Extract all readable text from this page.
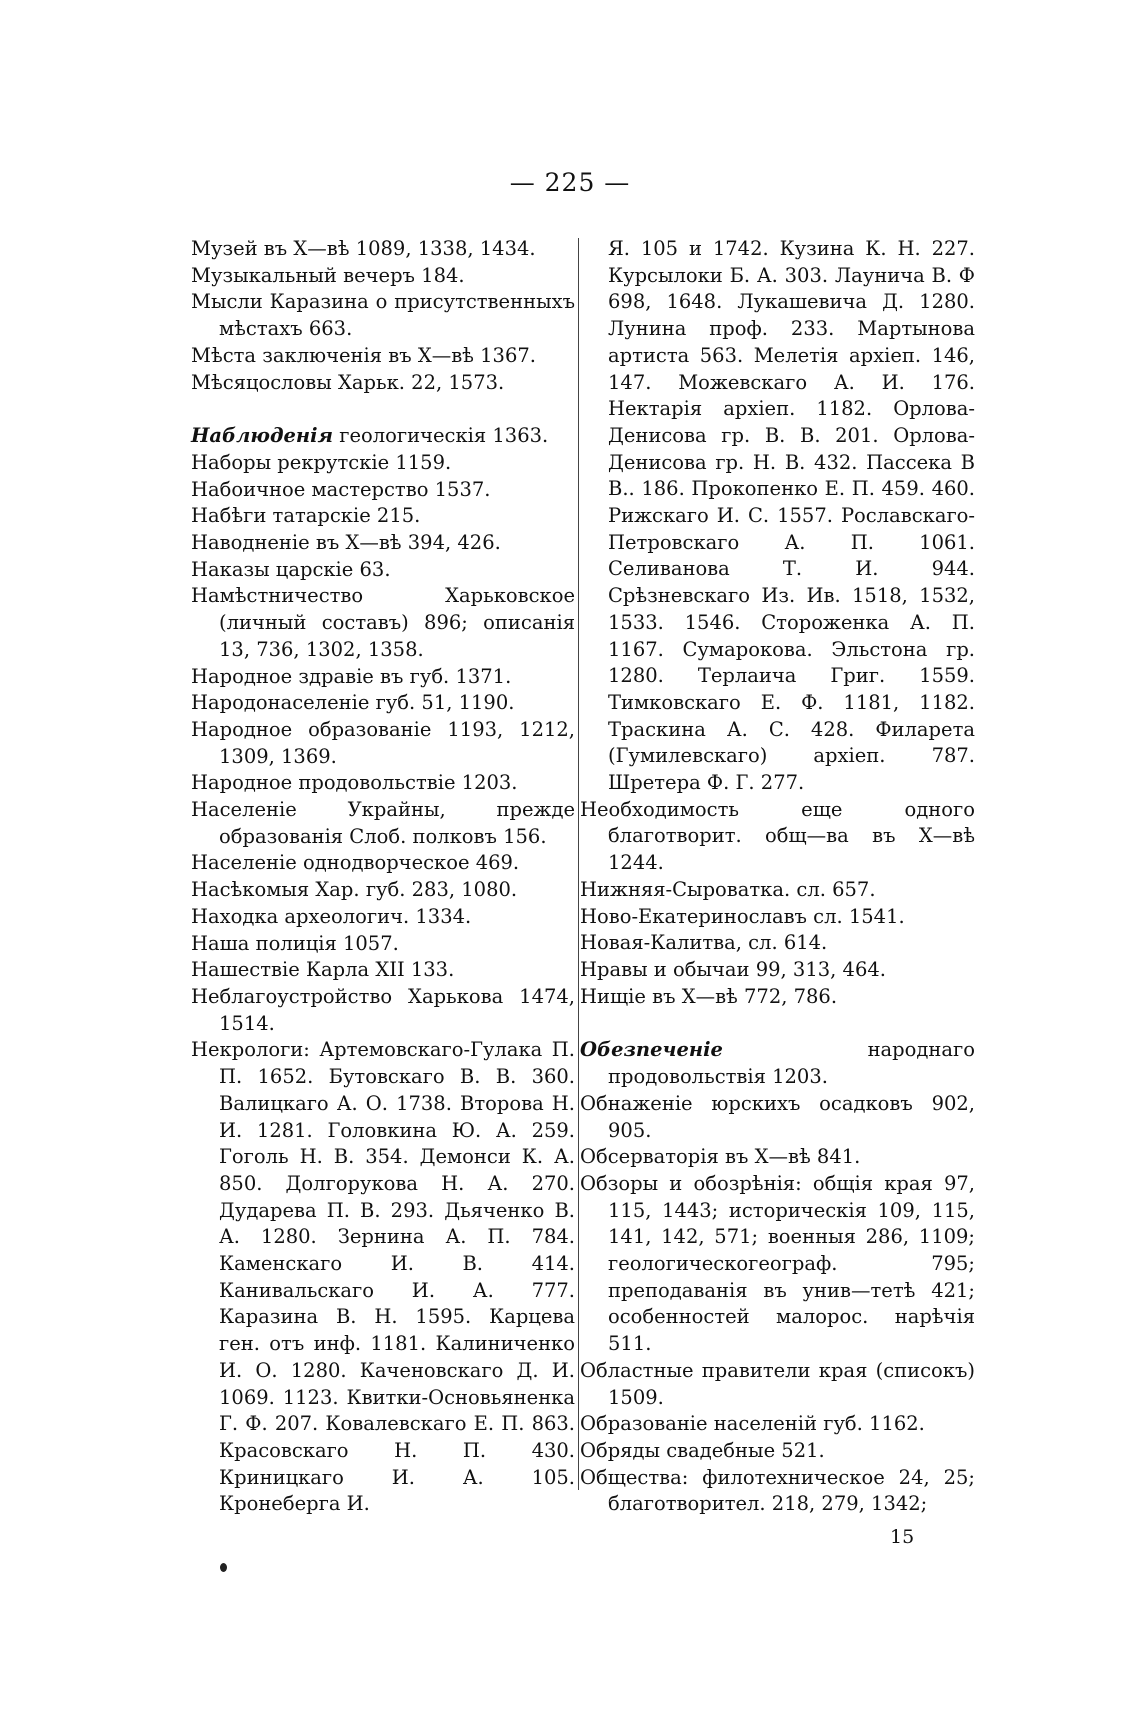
— 225 —
Музей въ Х—вѣ 1089, 1338, 1434.
Музыкальный вечеръ 184.
Мысли Каразина о присутственныхъ мѣстахъ 663.
Мѣста заключенія въ Х—вѣ 1367.
Мѣсяцословы Харьк. 22, 1573.
Наблюденія геологическія 1363.
Наборы рекрутскіе 1159.
Набоичное мастерство 1537.
Набѣги татарскіе 215.
Наводненіе въ Х—вѣ 394, 426.
Наказы царскіе 63.
Намѣстничество Харьковское (личный составъ) 896; описанія 13, 736, 1302, 1358.
Народное здравіе въ губ. 1371.
Народонаселеніе губ. 51, 1190.
Народное образованіе 1193, 1212, 1309, 1369.
Народное продовольствіе 1203.
Населеніе Украйны, прежде образованія Слоб. полковъ 156.
Населеніе однодворческое 469.
Насѣкомыя Хар. губ. 283, 1080.
Находка археологич. 1334.
Наша полиція 1057.
Нашествіе Карла XII 133.
Неблагоустройство Харькова 1474, 1514.
Некрологи: Артемовскаго-Гулака П. П. 1652. Бутовскаго В. В. 360. Валицкаго А. О. 1738. Второва Н. И. 1281. Головкина Ю. А. 259. Гоголь Н. В. 354. Демонси К. А. 850. Долгорукова Н. А. 270. Дударева П. В. 293. Дьяченко В. А. 1280. Зернина А. П. 784. Каменскаго И. В. 414. Канивальскаго И. А. 777. Каразина В. Н. 1595. Карцева ген. отъ инф. 1181. Калиниченко И. О. 1280. Каченовскаго Д. И. 1069. 1123. Квитки-Основьяненка Г. Ф. 207. Ковалевскаго Е. П. 863. Красовскаго Н. П. 430. Криницкаго И. А. 105. Кронеберга И.
Я. 105 и 1742. Кузина К. Н. 227. Курсылоки Б. А. 303. Лаунича В. Ф 698, 1648. Лукашевича Д. 1280. Лунина проф. 233. Мартынова артиста 563. Мелетія архіеп. 146, 147. Можевскаго А. И. 176. Нектарія архіеп. 1182. Орлова-Денисова гр. В. В. 201. Орлова-Денисова гр. Н. В. 432. Пассека В В.. 186. Прокопенко Е. П. 459. 460. Рижскаго И. С. 1557. Рославскаго-Петровскаго А. П. 1061. Селиванова Т. И. 944. Срѣзневскаго Из. Ив. 1518, 1532, 1533. 1546. Стороженка А. П. 1167. Сумарокова. Эльстона гр. 1280. Терлаича Григ. 1559. Тимковскаго Е. Ф. 1181, 1182. Траскина А. С. 428. Филарета (Гумилевскаго) архіеп. 787. Шретера Ф. Г. 277.
Необходимость еще одного благотворит. общ—ва въ Х—вѣ 1244.
Нижняя-Сыроватка. сл. 657.
Ново-Екатеринославъ сл. 1541.
Новая-Калитва, сл. 614.
Нравы и обычаи 99, 313, 464.
Нищіе въ Х—вѣ 772, 786.
Обезпеченіе	народнаго продовольствія 1203.
Обнаженіе юрскихъ осадковъ 902, 905.
Обсерваторія въ Х—вѣ 841.
Обзоры и обозрѣнія: общія края 97, 115, 1443; историческія 109, 115, 141, 142, 571; военныя 286, 1109; геологическогеограф. 795; преподаванія въ унив—тетѣ 421; особенностей малорос. нарѣчія 511.
Областные правители края (списокъ) 1509.
Образованіе населеній губ. 1162.
Обряды свадебные 521.
Общества: филотехническое 24, 25; благотворител. 218, 279, 1342;
15
